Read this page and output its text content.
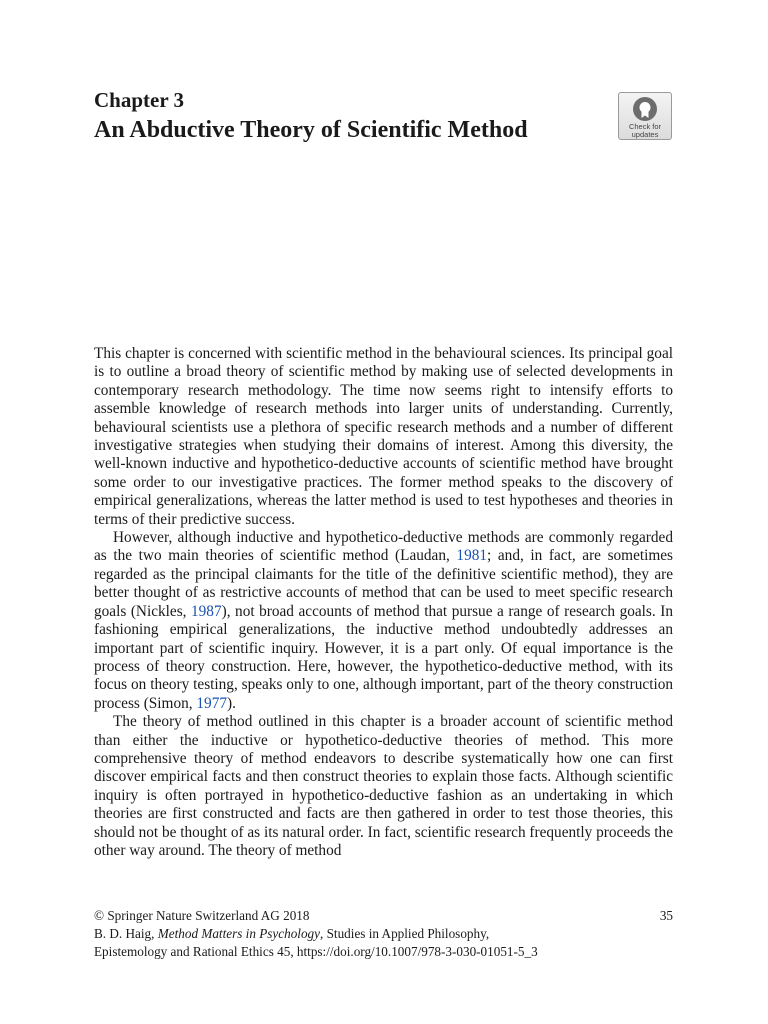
Chapter 3
An Abductive Theory of Scientific Method	Check for
updates

This chapter is concerned with scientific method in the behavioural sciences. Its principal goal is to outline a broad theory of scientific method by making use of selected developments in contemporary research methodology. The time now seems right to intensify efforts to assemble knowledge of research methods into larger units of understanding. Currently, behavioural scientists use a plethora of specific research methods and a number of different investigative strategies when studying their domains of interest. Among this diversity, the well-known inductive and hypothetico-deductive accounts of scientific method have brought some order to our investigative practices. The former method speaks to the discovery of empirical generalizations, whereas the latter method is used to test hypotheses and theories in terms of their predictive success.

However, although inductive and hypothetico-deductive methods are commonly regarded as the two main theories of scientific method (Laudan, 1981; and, in fact, are sometimes regarded as the principal claimants for the title of the definitive scientific method), they are better thought of as restrictive accounts of method that can be used to meet specific research goals (Nickles, 1987), not broad accounts of method that pursue a range of research goals. In fashioning empirical generalizations, the inductive method undoubtedly addresses an important part of scientific inquiry. However, it is a part only. Of equal importance is the process of theory construction. Here, however, the hypothetico-deductive method, with its focus on theory testing, speaks only to one, although important, part of the theory construction process (Simon, 1977).

The theory of method outlined in this chapter is a broader account of scientific method than either the inductive or hypothetico-deductive theories of method. This more comprehensive theory of method endeavors to describe systematically how one can first discover empirical facts and then construct theories to explain those facts. Although scientific inquiry is often portrayed in hypothetico-deductive fashion as an undertaking in which theories are first constructed and facts are then gathered in order to test those theories, this should not be thought of as its natural order. In fact, scientific research frequently proceeds the other way around. The theory of method

© Springer Nature Switzerland AG 2018	35
B. D. Haig, Method Matters in Psychology, Studies in Applied Philosophy,
Epistemology and Rational Ethics 45, https://doi.org/10.1007/978-3-030-01051-5_3
